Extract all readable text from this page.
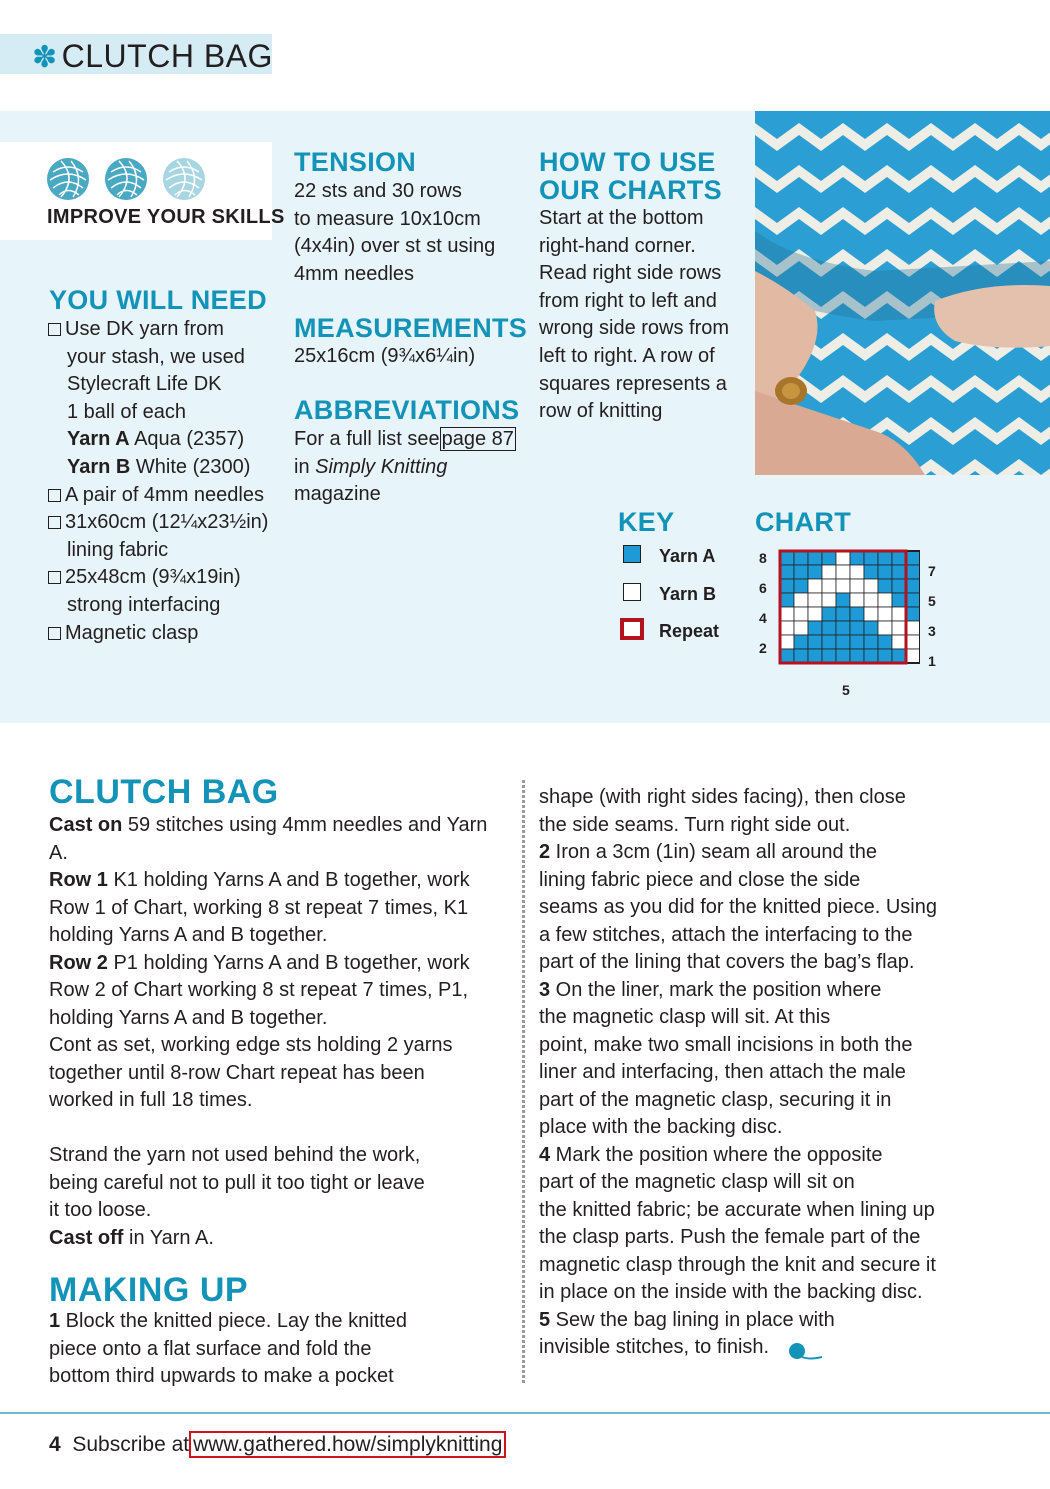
✽ CLUTCH BAG
IMPROVE YOUR SKILLS
YOU WILL NEED
Use DK yarn from
your stash, we used
Stylecraft Life DK
1 ball of each
Yarn A Aqua (2357)
Yarn B White (2300)
A pair of 4mm needles
31x60cm (12¼x23½in)
lining fabric
25x48cm (9¾x19in)
strong interfacing
Magnetic clasp
TENSION
22 sts and 30 rows
to measure 10x10cm
(4x4in) over st st using
4mm needles
MEASUREMENTS
25x16cm (9¾x6¼in)
ABBREVIATIONS
For a full list see page 87
in Simply Knitting
magazine
HOW TO USE
OUR CHARTS
Start at the bottom
right-hand corner.
Read right side rows
from right to left and
wrong side rows from
left to right. A row of
squares represents a
row of knitting
KEY
Yarn A
Yarn B
Repeat
CHART
8
6
4
2
7
5
3
1
5
CLUTCH BAG
Cast on 59 stitches using 4mm needles and Yarn
A.
Row 1 K1 holding Yarns A and B together, work
Row 1 of Chart, working 8 st repeat 7 times, K1
holding Yarns A and B together.
Row 2 P1 holding Yarns A and B together, work
Row 2 of Chart working 8 st repeat 7 times, P1,
holding Yarns A and B together.
Cont as set, working edge sts holding 2 yarns
together until 8-row Chart repeat has been
worked in full 18 times.
Strand the yarn not used behind the work,
being careful not to pull it too tight or leave
it too loose.
Cast off in Yarn A.
MAKING UP
1 Block the knitted piece. Lay the knitted
piece onto a flat surface and fold the
bottom third upwards to make a pocket
shape (with right sides facing), then close
the side seams. Turn right side out.
2 Iron a 3cm (1in) seam all around the
lining fabric piece and close the side
seams as you did for the knitted piece. Using
a few stitches, attach the interfacing to the
part of the lining that covers the bag’s flap.
3 On the liner, mark the position where
the magnetic clasp will sit. At this
point, make two small incisions in both the
liner and interfacing, then attach the male
part of the magnetic clasp, securing it in
place with the backing disc.
4 Mark the position where the opposite
part of the magnetic clasp will sit on
the knitted fabric; be accurate when lining up
the clasp parts. Push the female part of the
magnetic clasp through the knit and secure it
in place on the inside with the backing disc.
5 Sew the bag lining in place with
invisible stitches, to finish.
4 Subscribe at www.gathered.how/simplyknitting
